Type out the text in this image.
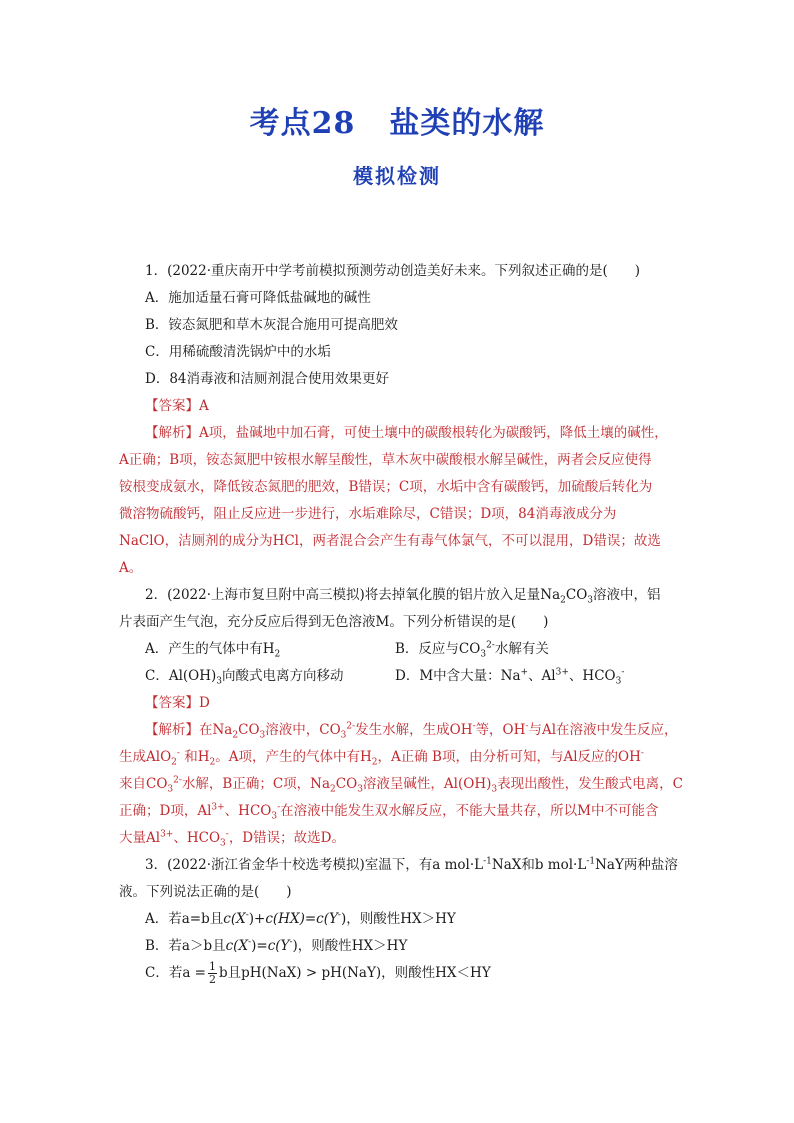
考点28 盐类的水解
模拟检测

1．(2022·重庆南开中学考前模拟预测劳动创造美好未来。下列叙述正确的是(　　)

A．施加适量石膏可降低盐碱地的碱性

B．铵态氮肥和草木灰混合施用可提高肥效

C．用稀硫酸清洗锅炉中的水垢

D．84消毒液和洁厕剂混合使用效果更好

【答案】A

【解析】A项，盐碱地中加石膏，可使土壤中的碳酸根转化为碳酸钙，降低土壤的碱性，

A正确；B项，铵态氮肥中铵根水解呈酸性，草木灰中碳酸根水解呈碱性，两者会反应使得

铵根变成氨水，降低铵态氮肥的肥效，B错误；C项，水垢中含有碳酸钙，加硫酸后转化为

微溶物硫酸钙，阻止反应进一步进行，水垢难除尽，C错误；D项，84消毒液成分为

NaClO，洁厕剂的成分为HCl，两者混合会产生有毒气体氯气，不可以混用，D错误；故选

A。

2．(2022·上海市复旦附中高三模拟)将去掉氧化膜的铝片放入足量$Na_2CO_3$溶液中，铝

片表面产生气泡，充分反应后得到无色溶液M。下列分析错误的是(　　)

A．产生的气体中有$H_2$	B．反应与$CO_3^{2-}$水解有关
C．$Al(OH)_3$向酸式电离方向移动	D．M中含大量：Na+、$Al^{3+}$、$HCO_3^-$

【答案】D

【解析】在$Na_2CO_3$溶液中，$CO_3^{2-}$发生水解，生成OH-等，OH-与Al在溶液中发生反应，

生成AlO$_2$- 和$H_2$。A项，产生的气体中有$H_2$，A正确 B项，由分析可知，与Al反应的OH-

来自$CO_3^{2-}$水解，B正确；C项，$Na_2CO_3$溶液呈碱性，$Al(OH)_3$表现出酸性，发生酸式电离，C

正确；D项，$Al^{3+}$、$HCO_3^-$在溶液中能发生双水解反应，不能大量共存，所以M中不可能含

大量$Al^{3+}$、$HCO_3^-$，D错误；故选D。

3．(2022·浙江省金华十校选考模拟)室温下，有a $mol\cdot L^{-1}NaX$和b $mol\cdot L^{-1}NaY$两种盐溶

液。下列说法正确的是(　　)

A．若a=b且c(X-)+c(HX)=c(Y-)，则酸性HX＞HY

B．若a＞b且c(X-)=c(Y-)，则酸性HX＞HY

C．若$a = \frac{1}{2}$ b且pH(NaX) > pH(NaY)，则酸性HX＜HY
